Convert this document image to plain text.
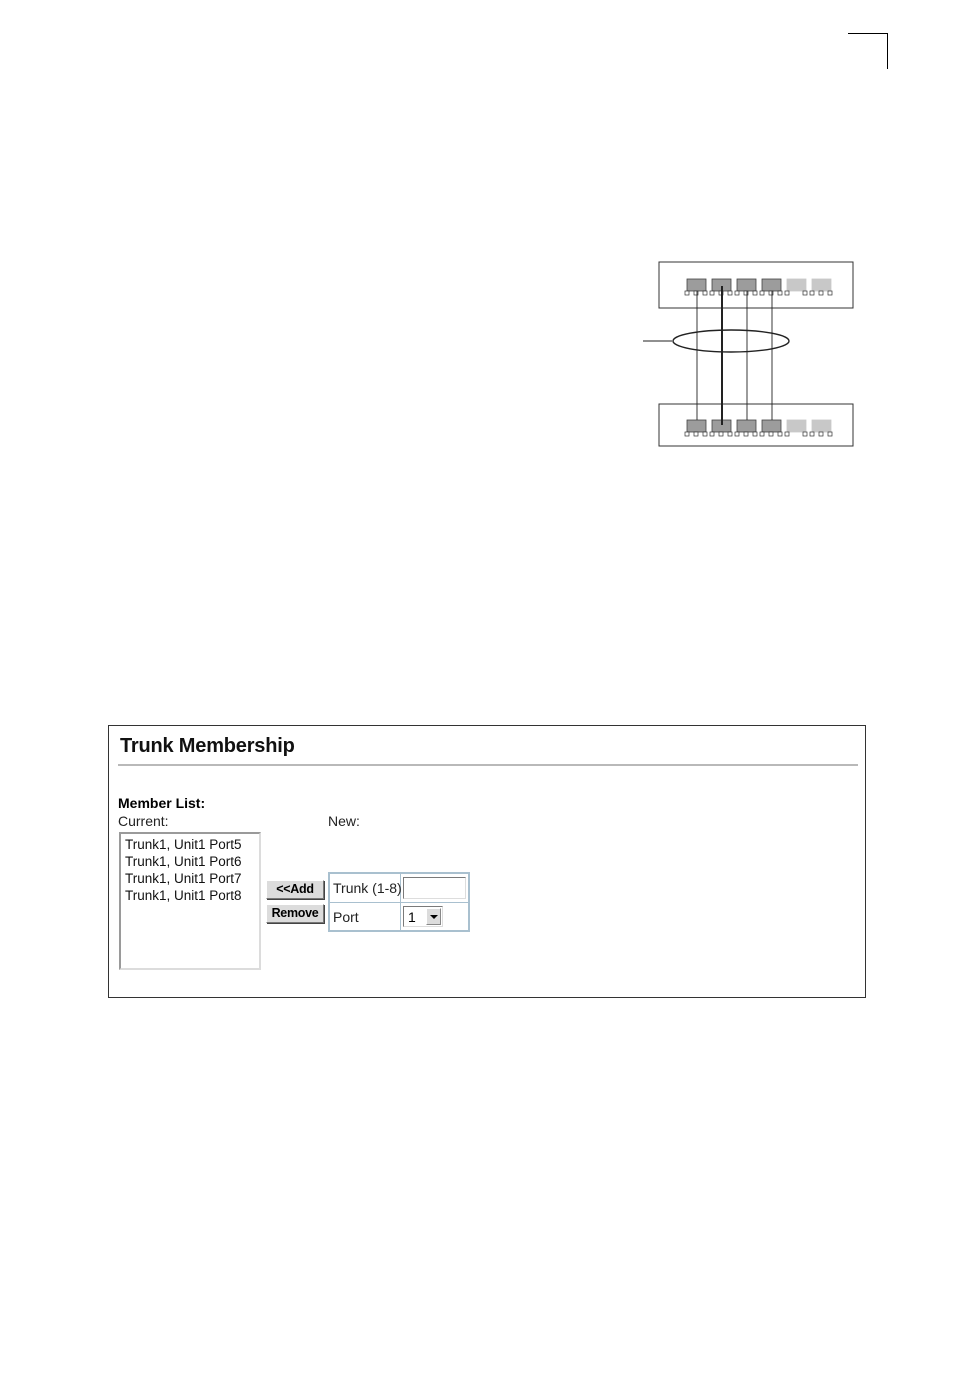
Trunk Membership
Member List:
Current:	New:
Trunk1, Unit1 Port5
Trunk1, Unit1 Port6
Trunk1, Unit1 Port7
Trunk1, Unit1 Port8	<<Add
Remove
Trunk (1-8)
Port	1
